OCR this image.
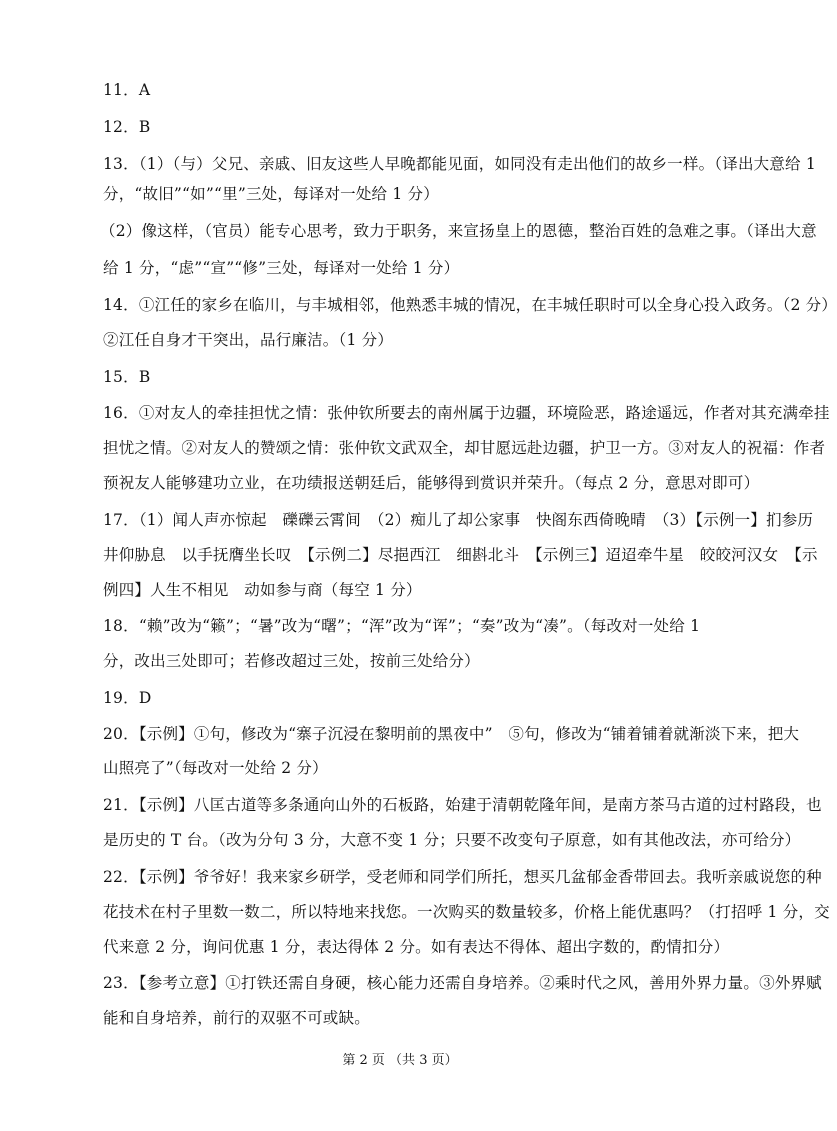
11．A
12．B
13．（1）（与）父兄、亲戚、旧友这些人早晚都能见面，如同没有走出他们的故乡一样。（译出大意给 1
分，“故旧”“如”“里”三处，每译对一处给 1 分）
（2）像这样，（官员）能专心思考，致力于职务，来宣扬皇上的恩德，整治百姓的急难之事。（译出大意
给 1 分，“虑”“宣”“修”三处，每译对一处给 1 分）
14．①江任的家乡在临川，与丰城相邻，他熟悉丰城的情况，在丰城任职时可以全身心投入政务。（2 分）
②江任自身才干突出，品行廉洁。（1 分）
15．B
16．①对友人的牵挂担忧之情：张仲钦所要去的南州属于边疆，环境险恶，路途遥远，作者对其充满牵挂
担忧之情。②对友人的赞颂之情：张仲钦文武双全，却甘愿远赴边疆，护卫一方。③对友人的祝福：作者
预祝友人能够建功立业，在功绩报送朝廷后，能够得到赏识并荣升。（每点 2 分，意思对即可）
17．（1）闻人声亦惊起　礫礫云霄间　（2）痴儿了却公家事　快阁东西倚晚晴　（3）【示例一】扪参历
井仰胁息　以手抚膺坐长叹　【示例二】尽挹西江　细斟北斗　【示例三】迢迢牵牛星　皎皎河汉女　【示
例四】人生不相见　动如参与商（每空 1 分）
18．“赖”改为“籁”；“暑”改为“曙”；“浑”改为“诨”；“奏”改为“凑”。（每改对一处给 1
分，改出三处即可；若修改超过三处，按前三处给分）
19．D
20．【示例】①句，修改为“寨子沉浸在黎明前的黑夜中”　⑤句，修改为“铺着铺着就渐淡下来，把大
山照亮了”（每改对一处给 2 分）
21．【示例】八匡古道等多条通向山外的石板路，始建于清朝乾隆年间，是南方茶马古道的过村路段，也
是历史的 T 台。（改为分句 3 分，大意不变 1 分；只要不改变句子原意，如有其他改法，亦可给分）
22．【示例】爷爷好！我来家乡研学，受老师和同学们所托，想买几盆郁金香带回去。我听亲戚说您的种
花技术在村子里数一数二，所以特地来找您。一次购买的数量较多，价格上能优惠吗？（打招呼 1 分，交
代来意 2 分，询问优惠 1 分，表达得体 2 分。如有表达不得体、超出字数的，酌情扣分）
23．【参考立意】①打铁还需自身硬，核心能力还需自身培养。②乘时代之风，善用外界力量。③外界赋
能和自身培养，前行的双驱不可或缺。
第 2 页 （共 3 页）
